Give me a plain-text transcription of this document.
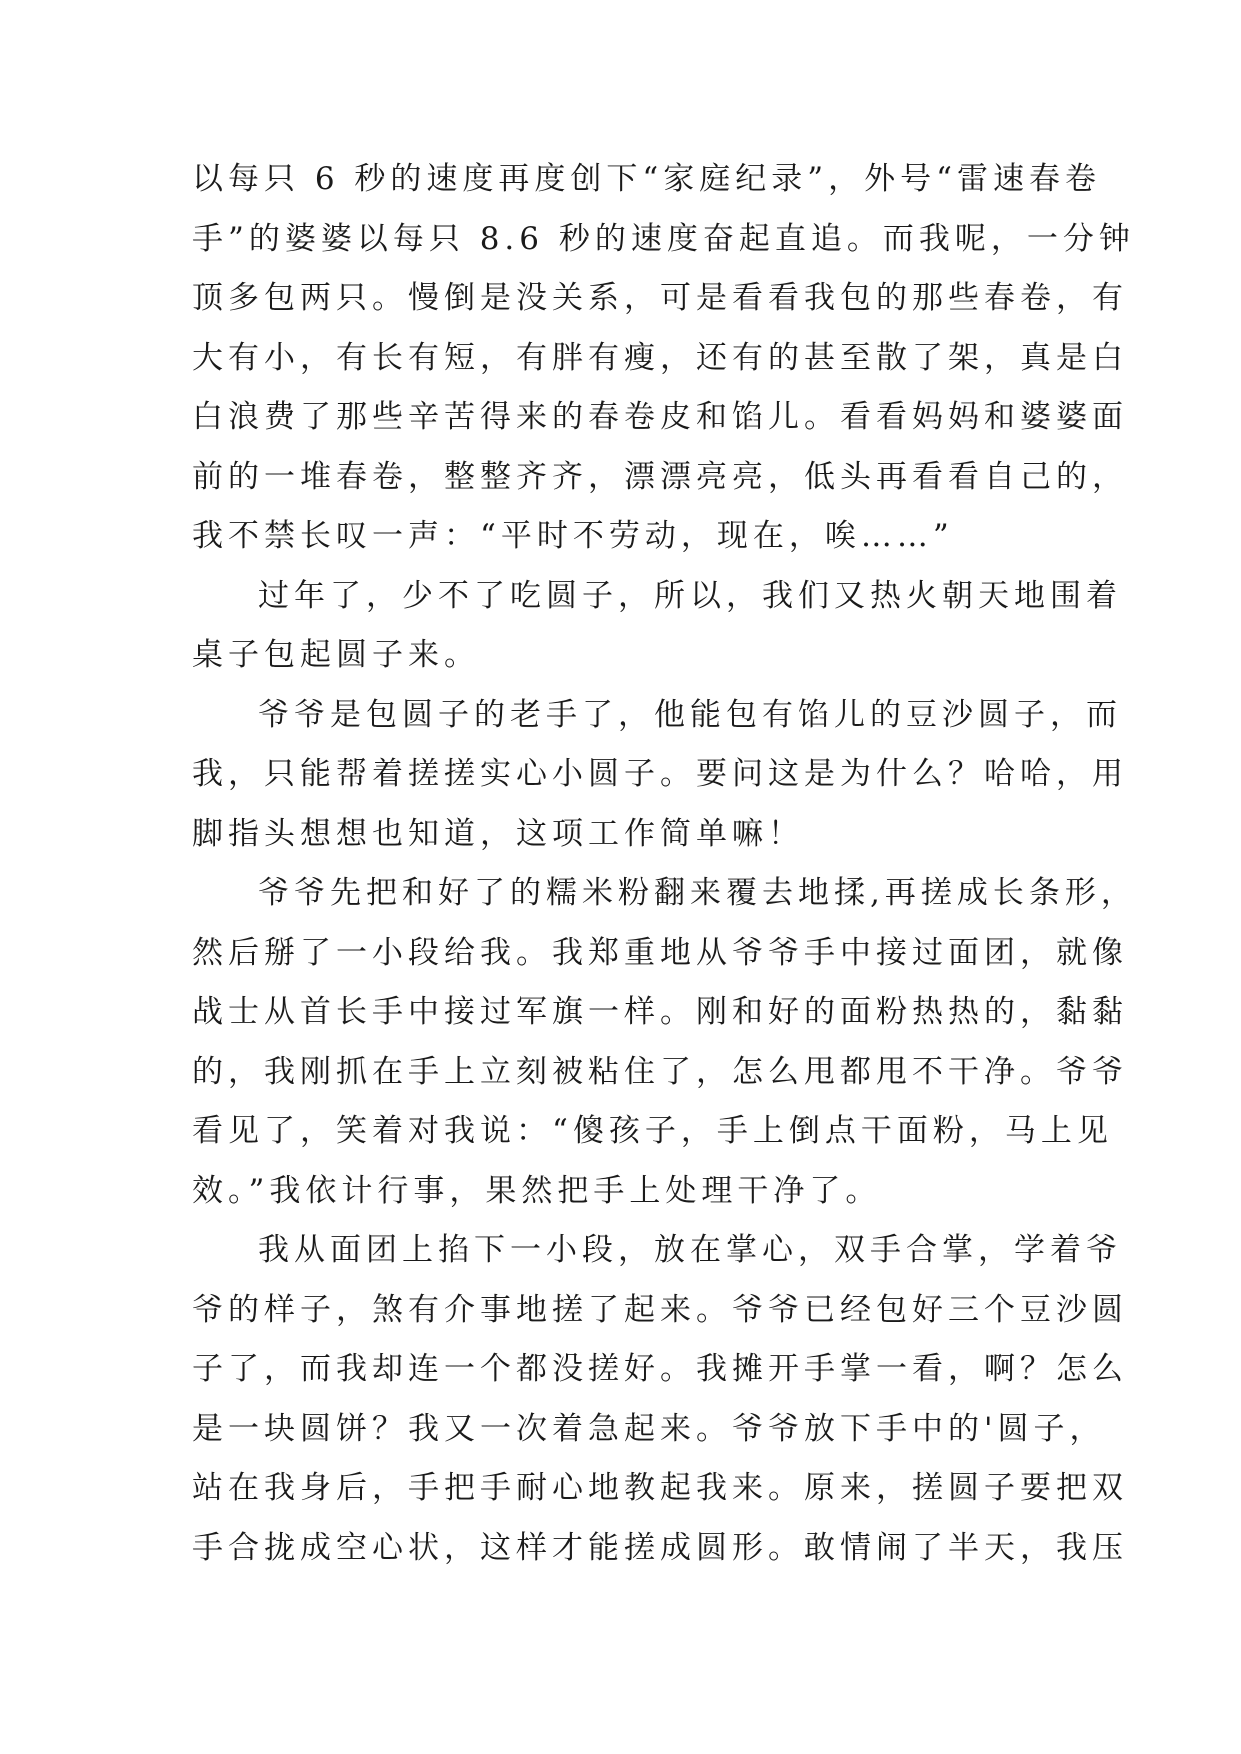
以每只 6 秒的速度再度创下“家庭纪录”，外号“雷速春卷
手”的婆婆以每只 8.6 秒的速度奋起直追。而我呢，一分钟
顶多包两只。慢倒是没关系，可是看看我包的那些春卷，有
大有小，有长有短，有胖有瘦，还有的甚至散了架，真是白
白浪费了那些辛苦得来的春卷皮和馅儿。看看妈妈和婆婆面
前的一堆春卷，整整齐齐，漂漂亮亮，低头再看看自己的，
我不禁长叹一声：“平时不劳动，现在，唉……”
过年了，少不了吃圆子，所以，我们又热火朝天地围着
桌子包起圆子来。
爷爷是包圆子的老手了，他能包有馅儿的豆沙圆子，而
我，只能帮着搓搓实心小圆子。要问这是为什么？哈哈，用
脚指头想想也知道，这项工作简单嘛！
爷爷先把和好了的糯米粉翻来覆去地揉,再搓成长条形，
然后掰了一小段给我。我郑重地从爷爷手中接过面团，就像
战士从首长手中接过军旗一样。刚和好的面粉热热的，黏黏
的，我刚抓在手上立刻被粘住了，怎么甩都甩不干净。爷爷
看见了，笑着对我说：“傻孩子，手上倒点干面粉，马上见
效。”我依计行事，果然把手上处理干净了。
我从面团上掐下一小段，放在掌心，双手合掌，学着爷
爷的样子，煞有介事地搓了起来。爷爷已经包好三个豆沙圆
子了，而我却连一个都没搓好。我摊开手掌一看，啊？怎么
是一块圆饼？我又一次着急起来。爷爷放下手中的'圆子，
站在我身后，手把手耐心地教起我来。原来，搓圆子要把双
手合拢成空心状，这样才能搓成圆形。敢情闹了半天，我压
